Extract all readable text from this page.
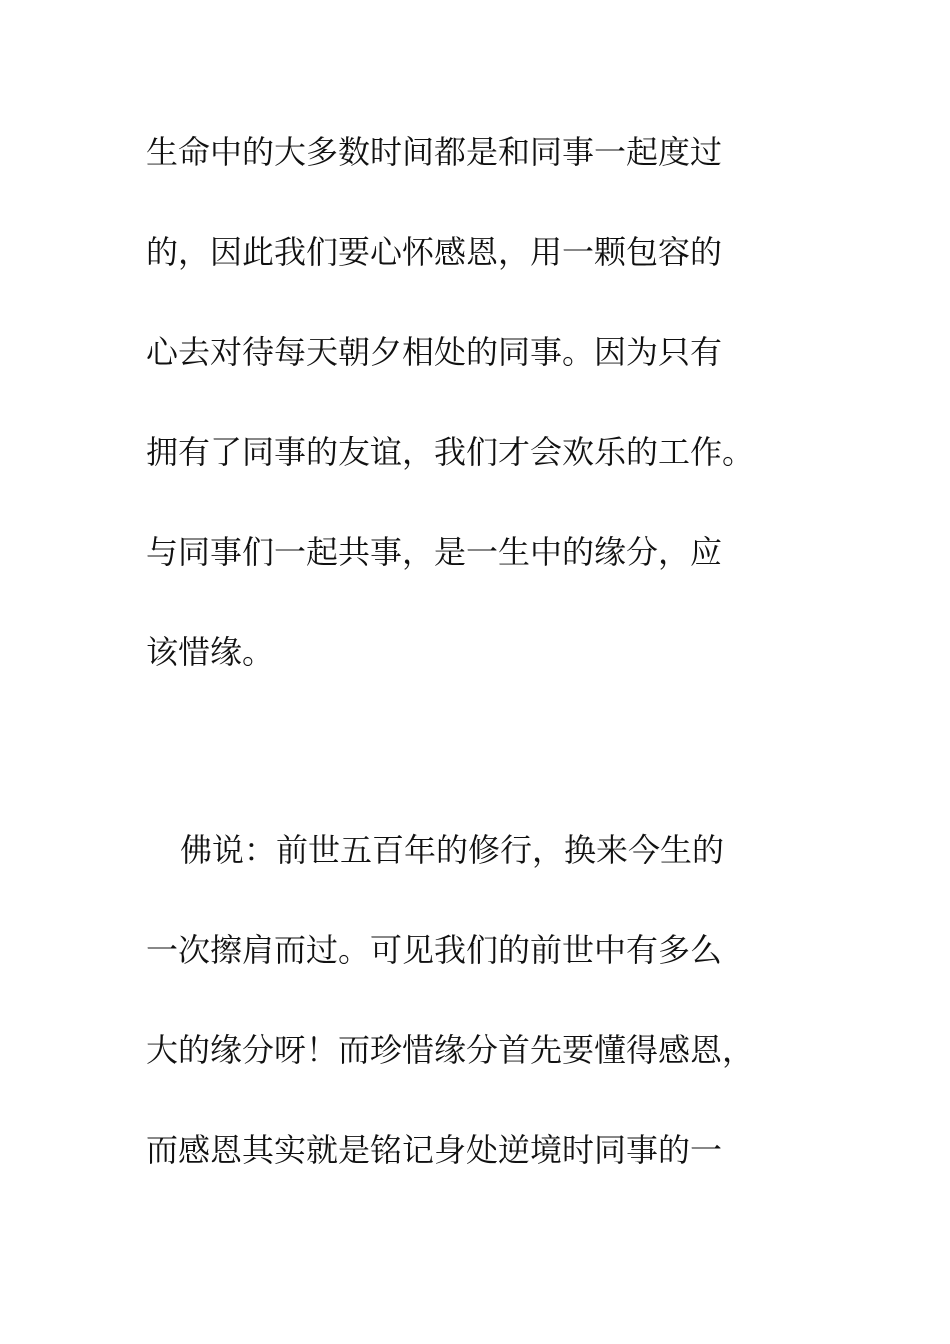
生命中的大多数时间都是和同事一起度过
的，因此我们要心怀感恩，用一颗包容的
心去对待每天朝夕相处的同事。因为只有
拥有了同事的友谊，我们才会欢乐的工作。
与同事们一起共事，是一生中的缘分，应
该惜缘。
佛说：前世五百年的修行，换来今生的
一次擦肩而过。可见我们的前世中有多么
大的缘分呀！而珍惜缘分首先要懂得感恩，
而感恩其实就是铭记身处逆境时同事的一
